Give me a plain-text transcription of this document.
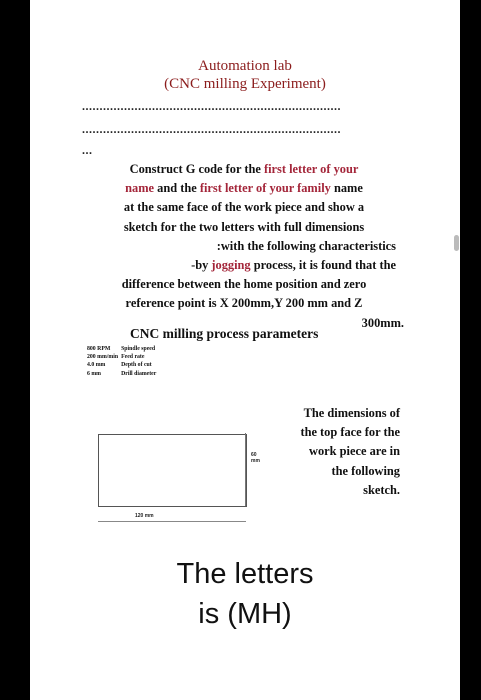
Automation lab
(CNC milling Experiment)
..........................................................................
..........................................................................
...
Construct G code for the first letter of your
name and the first letter of your family name
at the same face of the work piece and show a
sketch for the two letters with full dimensions
:with the following characteristics
-by jogging process, it is found that the
difference between the home position and zero
reference point is X 200mm,Y 200 mm and Z
300mm.
CNC milling process parameters
800 RPM	Spindle speed
200 mm/min	Feed rate
4.0 mm	Depth of cut
6 mm	Drill diameter
The dimensions of
the top face for the
work piece are in
the following
sketch.
60
mm
120 mm
The letters
is (MH)
